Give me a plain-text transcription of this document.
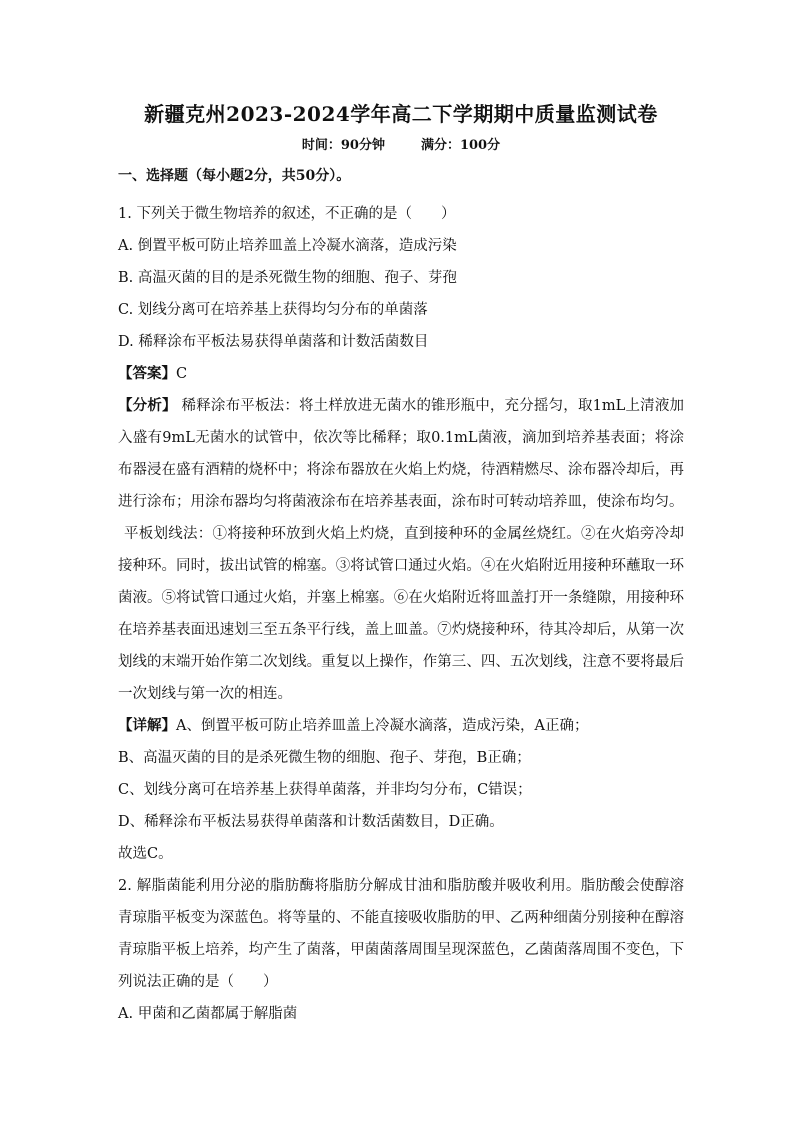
新疆克州2023-2024学年高二下学期期中质量监测试卷
时间：90分钟	满分：100分
一、选择题（每小题2分，共50分）。

1. 下列关于微生物培养的叙述，不正确的是（　　）

A. 倒置平板可防止培养皿盖上冷凝水滴落，造成污染

B. 高温灭菌的目的是杀死微生物的细胞、孢子、芽孢

C. 划线分离可在培养基上获得均匀分布的单菌落

D. 稀释涂布平板法易获得单菌落和计数活菌数目

【答案】C

【分析】 稀释涂布平板法：将土样放进无菌水的锥形瓶中，充分摇匀，取1mL上清液加入盛有9mL无菌水的试管中，依次等比稀释；取0.1mL菌液，滴加到培养基表面；将涂布器浸在盛有酒精的烧杯中；将涂布器放在火焰上灼烧，待酒精燃尽、涂布器冷却后，再进行涂布；用涂布器均匀将菌液涂布在培养基表面，涂布时可转动培养皿，使涂布均匀。

平板划线法：①将接种环放到火焰上灼烧，直到接种环的金属丝烧红。②在火焰旁冷却接种环。同时，拔出试管的棉塞。③将试管口通过火焰。④在火焰附近用接种环蘸取一环菌液。⑤将试管口通过火焰，并塞上棉塞。⑥在火焰附近将皿盖打开一条缝隙，用接种环在培养基表面迅速划三至五条平行线，盖上皿盖。⑦灼烧接种环，待其冷却后，从第一次划线的末端开始作第二次划线。重复以上操作，作第三、四、五次划线，注意不要将最后一次划线与第一次的相连。

【详解】A、倒置平板可防止培养皿盖上冷凝水滴落，造成污染，A正确；

B、高温灭菌的目的是杀死微生物的细胞、孢子、芽孢，B正确；

C、划线分离可在培养基上获得单菌落，并非均匀分布，C错误；

D、稀释涂布平板法易获得单菌落和计数活菌数目，D正确。

故选C。

2. 解脂菌能利用分泌的脂肪酶将脂肪分解成甘油和脂肪酸并吸收利用。脂肪酸会使醇溶青琼脂平板变为深蓝色。将等量的、不能直接吸收脂肪的甲、乙两种细菌分别接种在醇溶青琼脂平板上培养，均产生了菌落，甲菌菌落周围呈现深蓝色，乙菌菌落周围不变色，下列说法正确的是（　　）

A. 甲菌和乙菌都属于解脂菌
